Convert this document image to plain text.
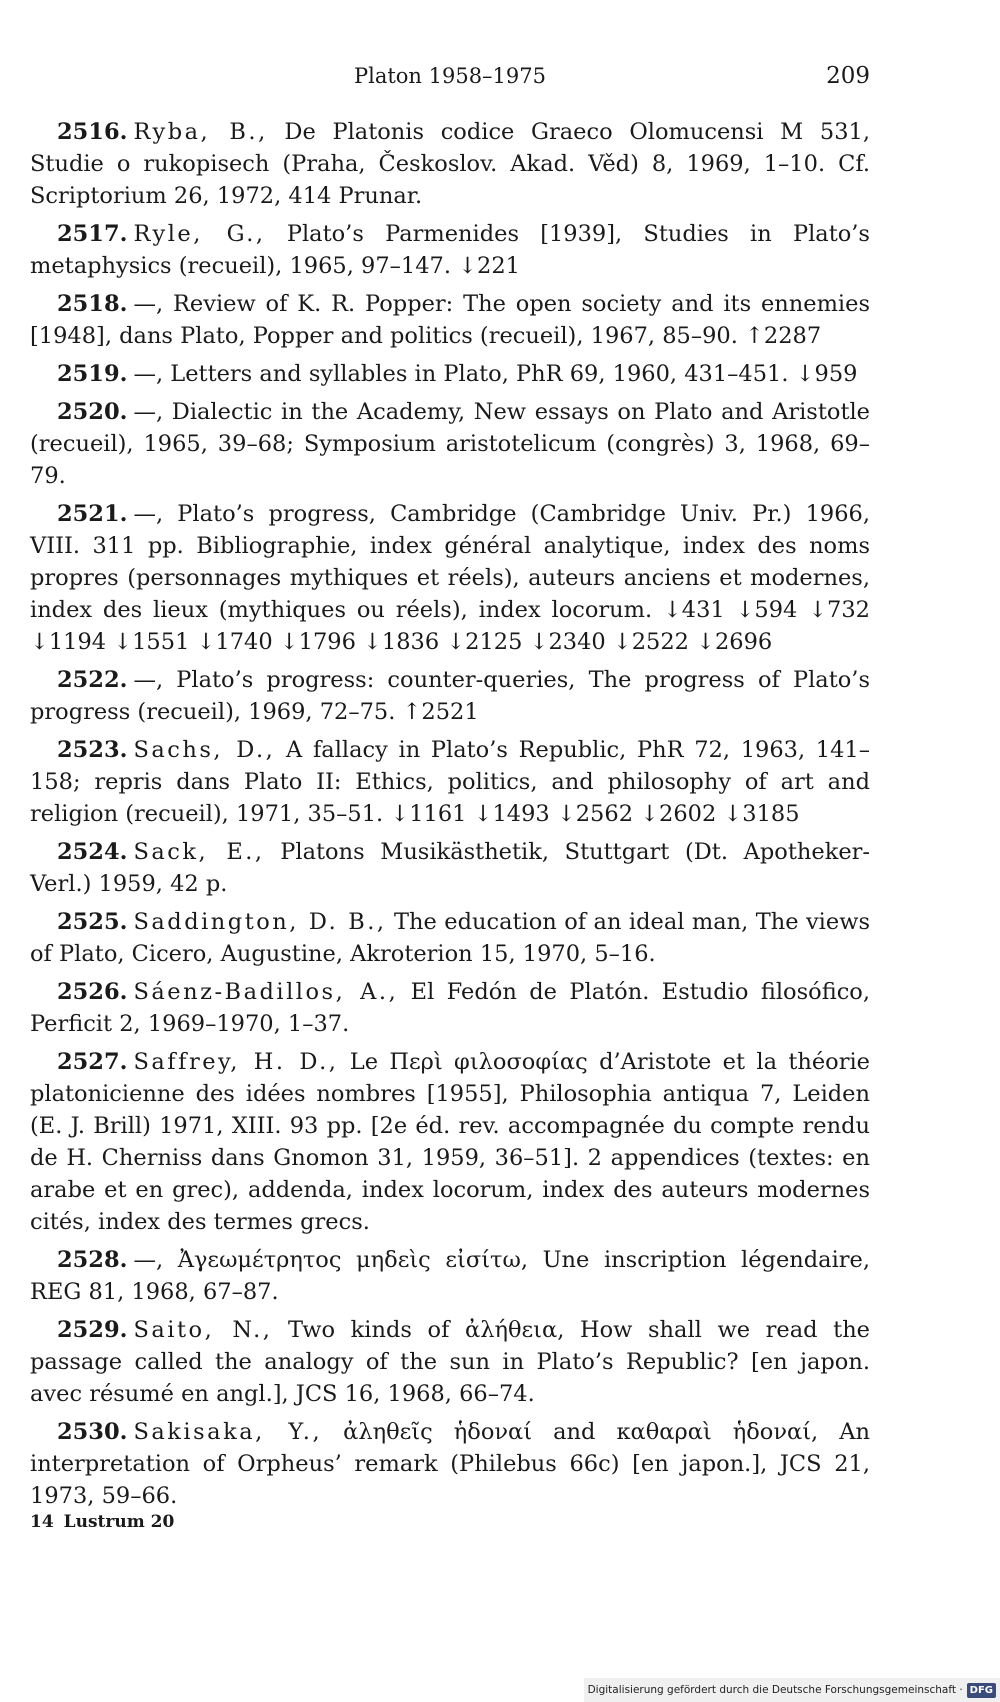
Platon 1958–1975	209

2516. Ryba, B., De Platonis codice Graeco Olomucensi M 531, Studie o rukopisech (Praha, Českoslov. Akad. Věd) 8, 1969, 1–10. Cf. Scriptorium 26, 1972, 414 Prunar.

2517. Ryle, G., Plato’s Parmenides [1939], Studies in Plato’s metaphysics (recueil), 1965, 97–147. ↓221

2518. —, Review of K. R. Popper: The open society and its ennemies [1948], dans Plato, Popper and politics (recueil), 1967, 85–90. ↑2287

2519. —, Letters and syllables in Plato, PhR 69, 1960, 431–451. ↓959

2520. —, Dialectic in the Academy, New essays on Plato and Aristotle (recueil), 1965, 39–68; Symposium aristotelicum (congrès) 3, 1968, 69–79.

2521. —, Plato’s progress, Cambridge (Cambridge Univ. Pr.) 1966, VIII. 311 pp. Bibliographie, index général analytique, index des noms propres (personnages mythiques et réels), auteurs anciens et modernes, index des lieux (mythiques ou réels), index locorum. ↓431 ↓594 ↓732 ↓1194 ↓1551 ↓1740 ↓1796 ↓1836 ↓2125 ↓2340 ↓2522 ↓2696

2522. —, Plato’s progress: counter-queries, The progress of Plato’s progress (recueil), 1969, 72–75. ↑2521

2523. Sachs, D., A fallacy in Plato’s Republic, PhR 72, 1963, 141–158; repris dans Plato II: Ethics, politics, and philosophy of art and religion (recueil), 1971, 35–51. ↓1161 ↓1493 ↓2562 ↓2602 ↓3185

2524. Sack, E., Platons Musikästhetik, Stuttgart (Dt. Apotheker-Verl.) 1959, 42 p.

2525. Saddington, D. B., The education of an ideal man, The views of Plato, Cicero, Augustine, Akroterion 15, 1970, 5–16.

2526. Sáenz-Badillos, A., El Fedón de Platón. Estudio filosófico, Perficit 2, 1969–1970, 1–37.

2527. Saffrey, H. D., Le Περὶ φιλοσοφίας d’Aristote et la théorie platonicienne des idées nombres [1955], Philosophia antiqua 7, Leiden (E. J. Brill) 1971, XIII. 93 pp. [2e éd. rev. accompagnée du compte rendu de H. Cherniss dans Gnomon 31, 1959, 36–51]. 2 appendices (textes: en arabe et en grec), addenda, index locorum, index des auteurs modernes cités, index des termes grecs.

2528. —, Ἀγεωμέτρητος μηδεὶς εἰσίτω, Une inscription légendaire, REG 81, 1968, 67–87.

2529. Saito, N., Two kinds of ἀλήθεια, How shall we read the passage called the analogy of the sun in Plato’s Republic? [en japon. avec résumé en angl.], JCS 16, 1968, 66–74.

2530. Sakisaka, Y., ἀληθεῖς ἡδοναί and καθαραὶ ἡδοναί, An interpretation of Orpheus’ remark (Philebus 66c) [en japon.], JCS 21, 1973, 59–66.

14 Lustrum 20
Digitalisierung gefördert durch die Deutsche Forschungsgemeinschaft · DFG
